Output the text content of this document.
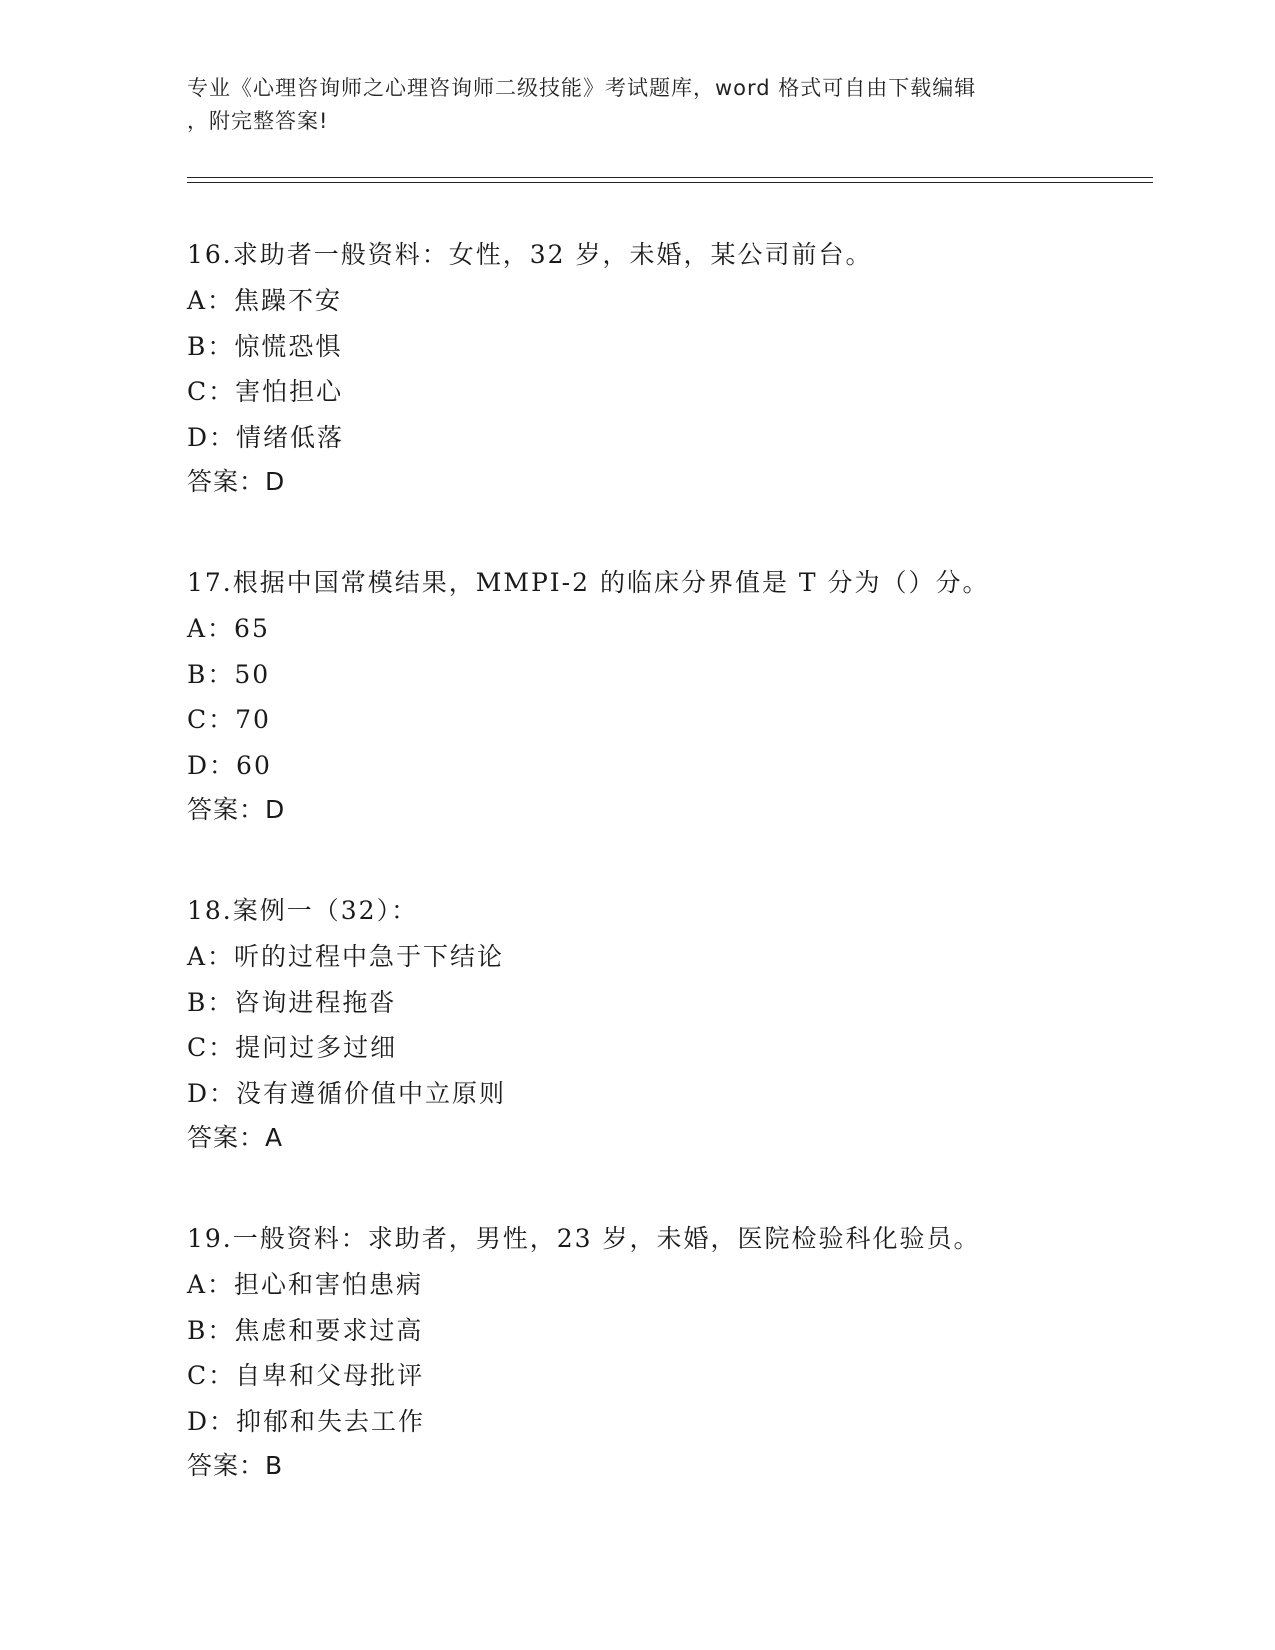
专业《心理咨询师之心理咨询师二级技能》考试题库，word 格式可自由下载编辑
，附完整答案!
16.求助者一般资料：女性，32 岁，未婚，某公司前台。
A：焦躁不安
B：惊慌恐惧
C：害怕担心
D：情绪低落
答案：D
17.根据中国常模结果，MMPI-2 的临床分界值是 T 分为（）分。
A：65
B：50
C：70
D：60
答案：D
18.案例一（32）：
A：听的过程中急于下结论
B：咨询进程拖沓
C：提问过多过细
D：没有遵循价值中立原则
答案：A
19.一般资料：求助者，男性，23 岁，未婚，医院检验科化验员。
A：担心和害怕患病
B：焦虑和要求过高
C：自卑和父母批评
D：抑郁和失去工作
答案：B
